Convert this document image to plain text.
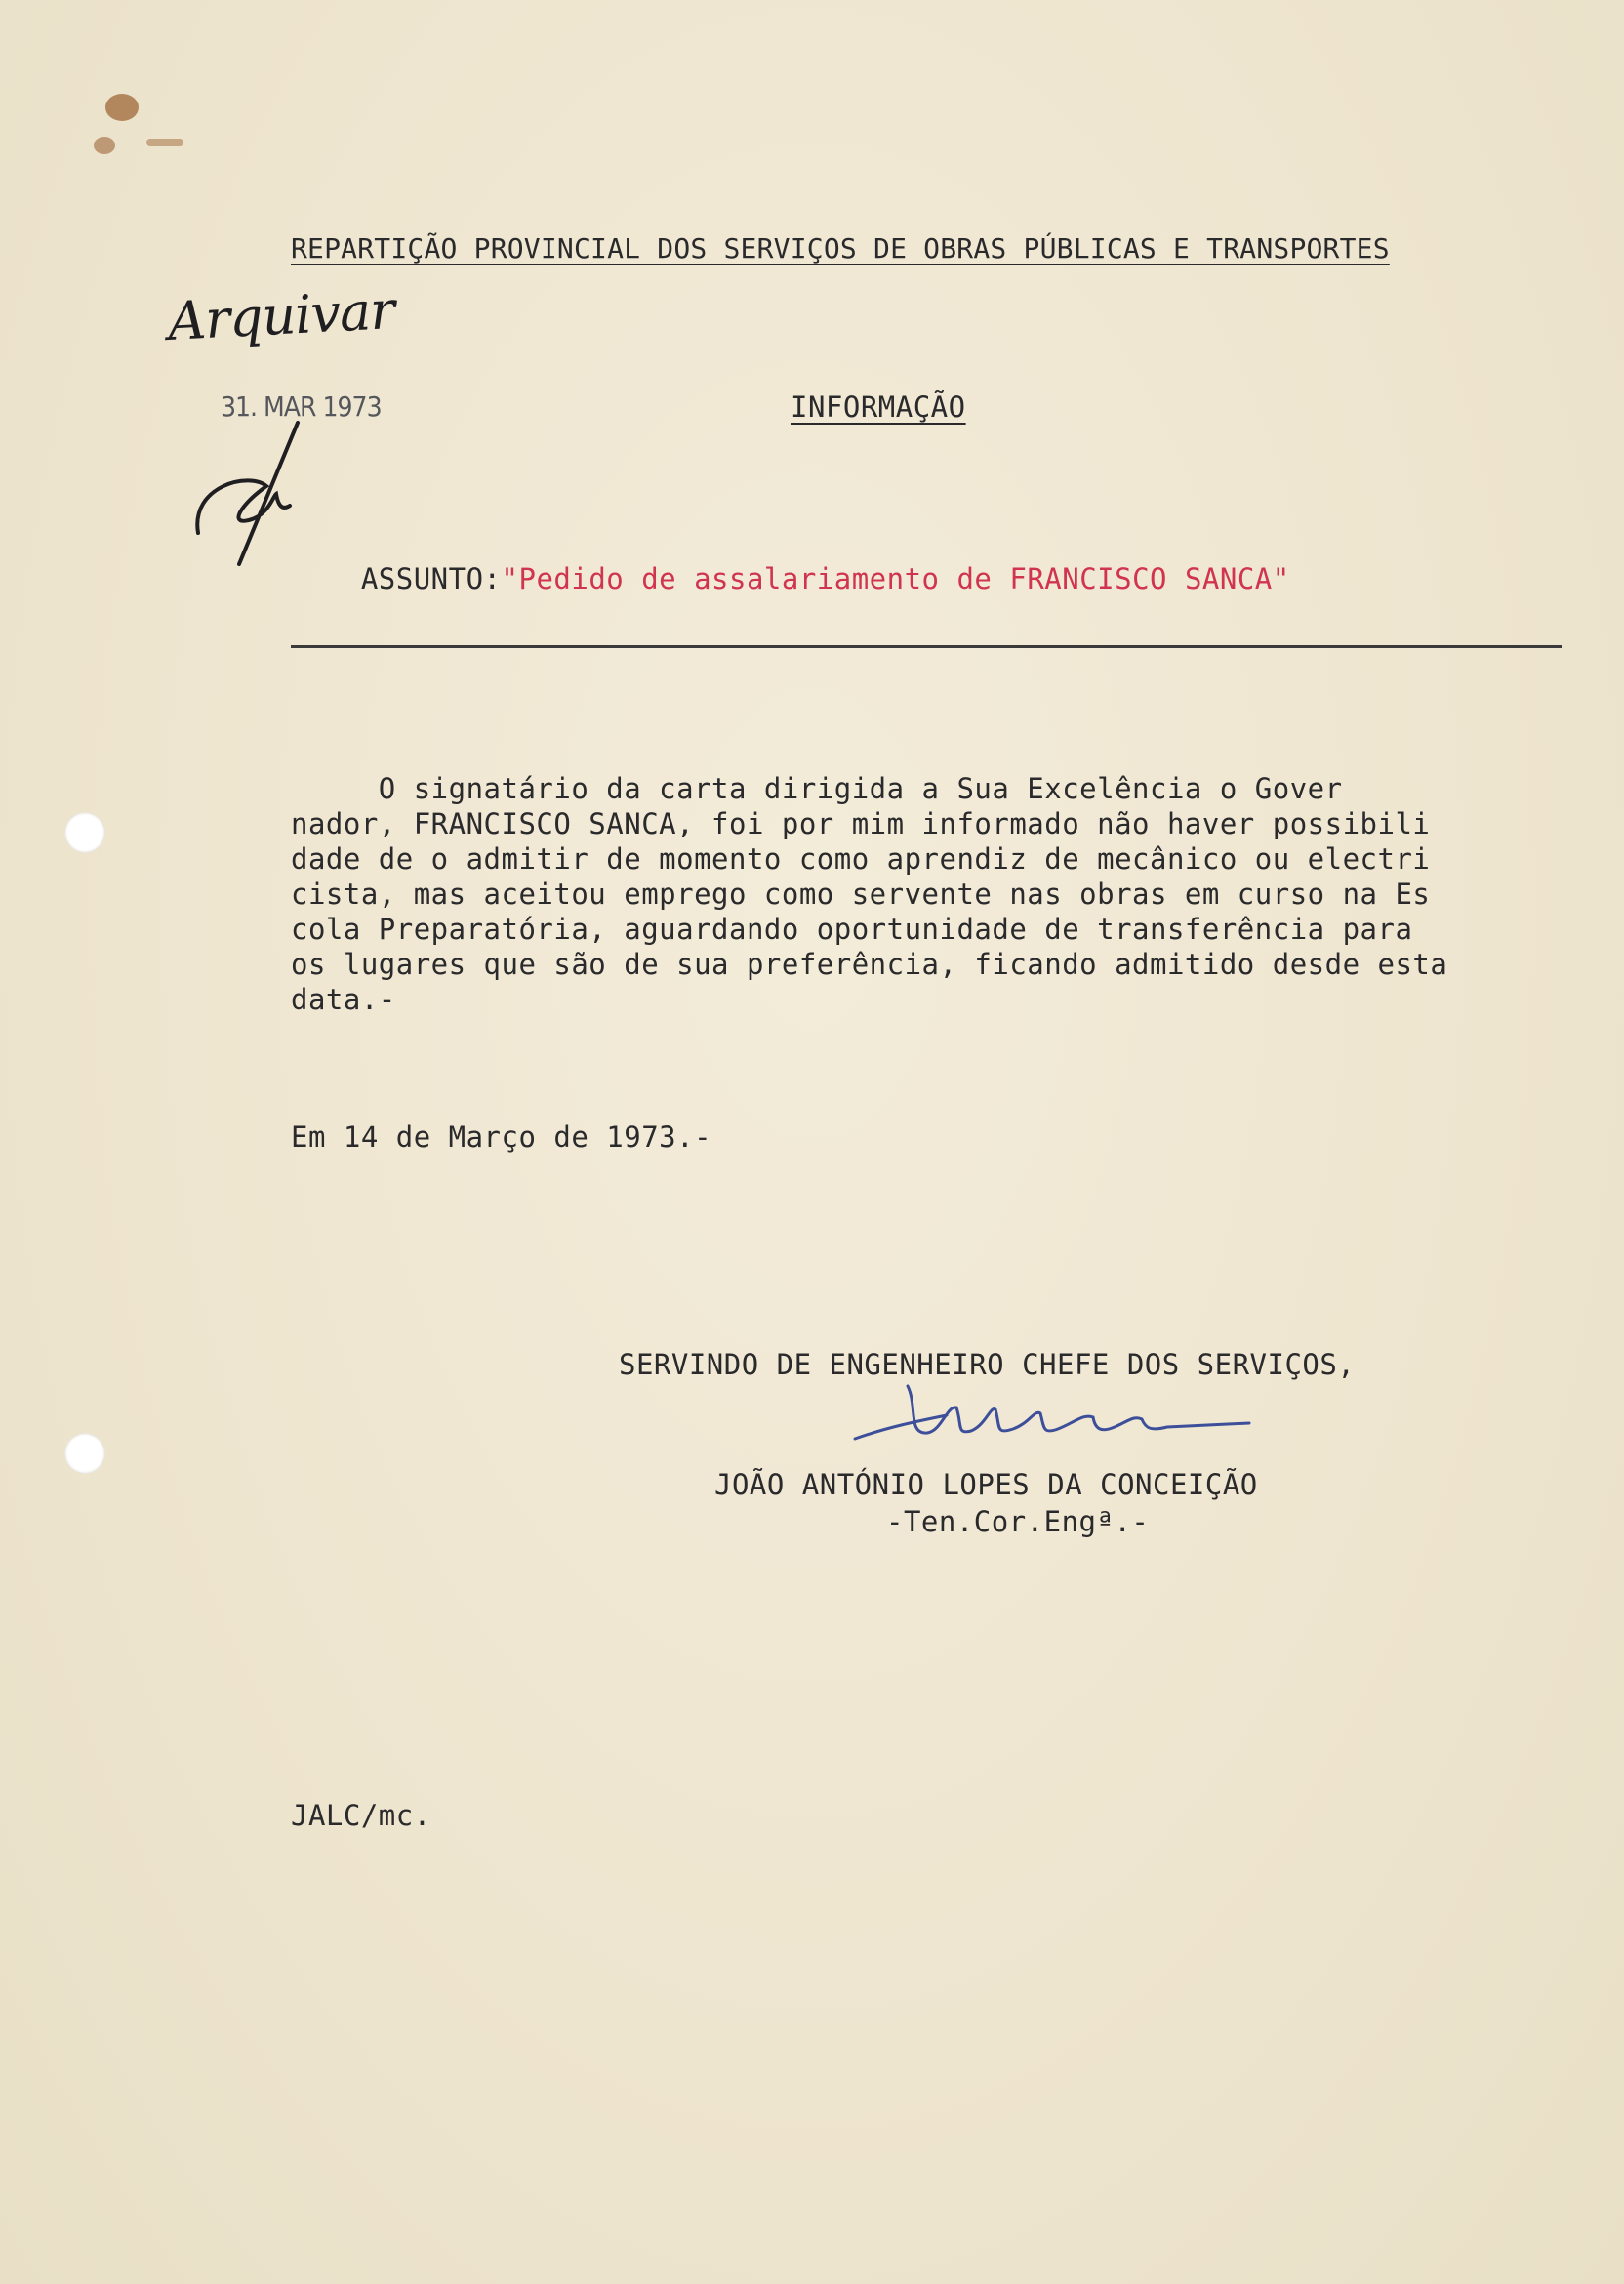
REPARTIÇÃO PROVINCIAL DOS SERVIÇOS DE OBRAS PÚBLICAS E TRANSPORTES
Arquivar
31. MAR 1973	INFORMAÇÃO

ASSUNTO:"Pedido de assalariamento de FRANCISCO SANCA"

O signatário da carta dirigida a Sua Excelência o Gover
nador, FRANCISCO SANCA, foi por mim informado não haver possibili
dade de o admitir de momento como aprendiz de mecânico ou electri
cista, mas aceitou emprego como servente nas obras em curso na Es
cola Preparatória, aguardando oportunidade de transferência para
os lugares que são de sua preferência, ficando admitido desde esta
data.-
Em 14 de Março de 1973.-
SERVINDO DE ENGENHEIRO CHEFE DOS SERVIÇOS,
JOÃO ANTÓNIO LOPES DA CONCEIÇÃO
-Ten.Cor.Engª.-
JALC/mc.
